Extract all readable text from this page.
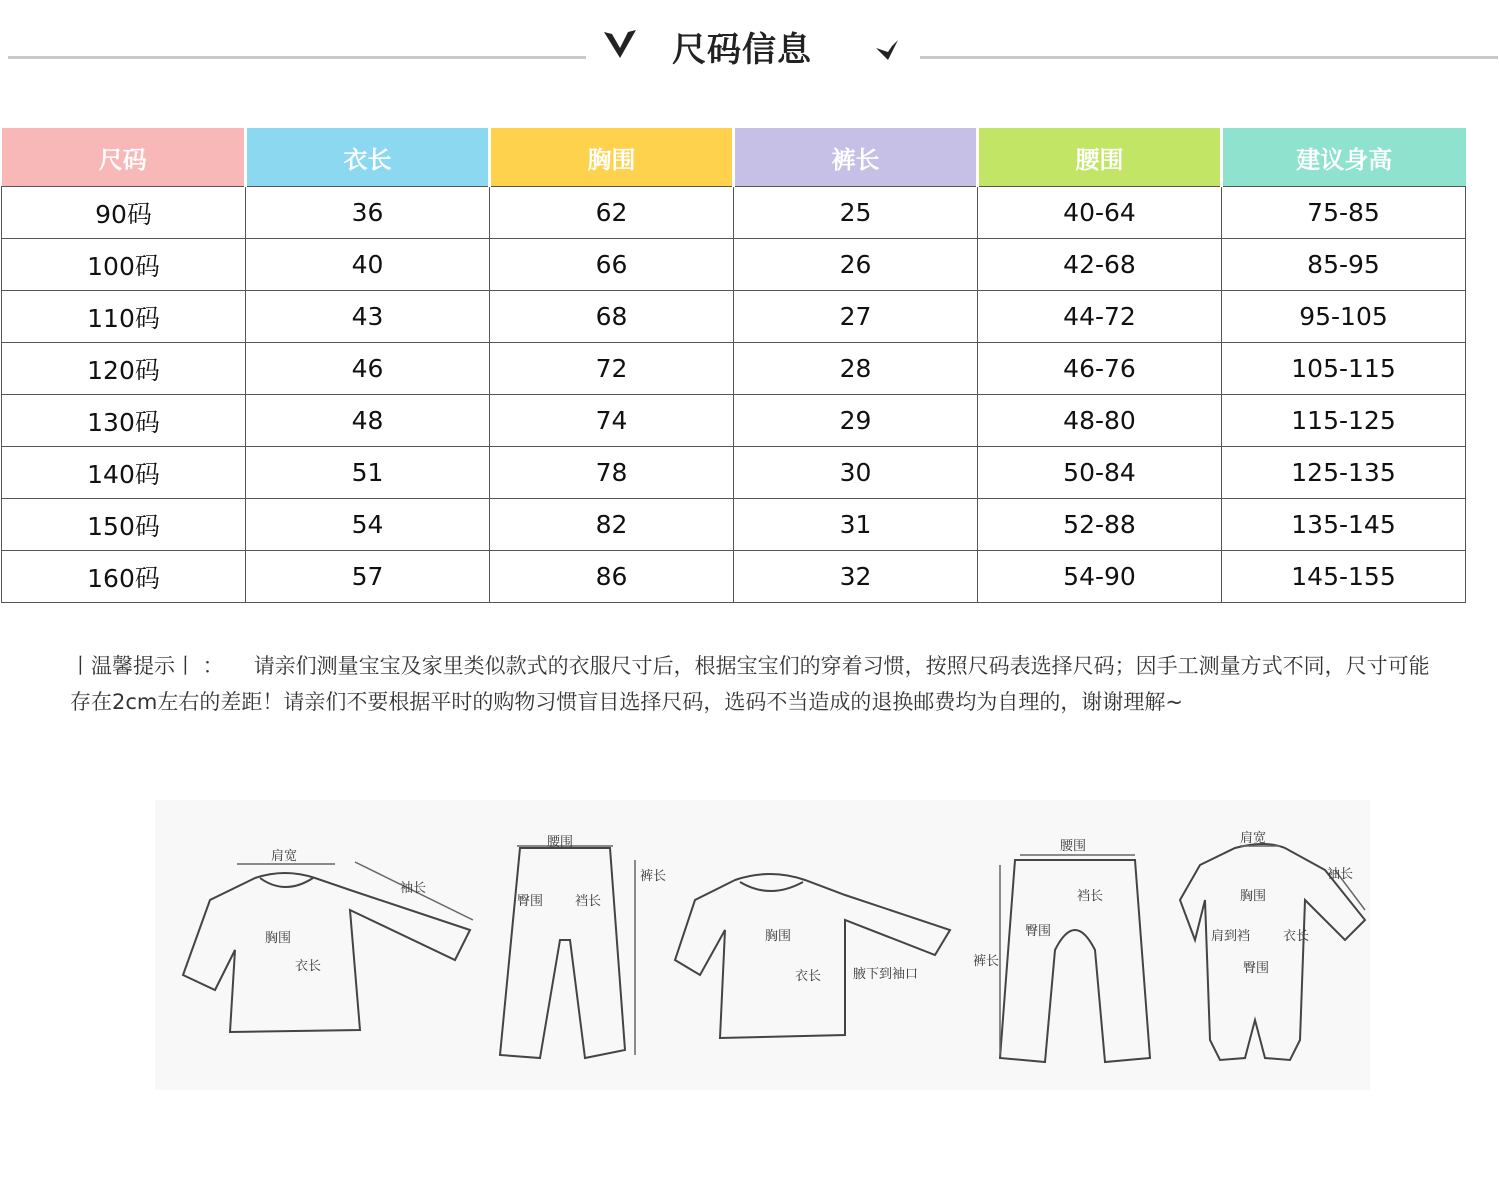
尺码信息
尺码	衣长	胸围	裤长	腰围	建议身高
90码	36	62	25	40-64	75-85
100码	40	66	26	42-68	85-95
110码	43	68	27	44-72	95-105
120码	46	72	28	46-76	105-115
130码	48	74	29	48-80	115-125
140码	51	78	30	50-84	125-135
150码	54	82	31	52-88	135-145
160码	57	86	32	54-90	145-155
丨温馨提示丨 ： 请亲们测量宝宝及家里类似款式的衣服尺寸后，根据宝宝们的穿着习惯，按照尺码表选择尺码；因手工测量方式不同，尺寸可能存在2cm左右的差距！请亲们不要根据平时的购物习惯盲目选择尺码，选码不当造成的退换邮费均为自理的，谢谢理解~
肩宽
袖长
胸围
衣长
腰围
臀围 裆长
裤长
胸围
衣长 腋下到袖口
腰围
臀围
裆长
裤长
肩宽
胸围
袖长
衣长
肩到裆
臀围
